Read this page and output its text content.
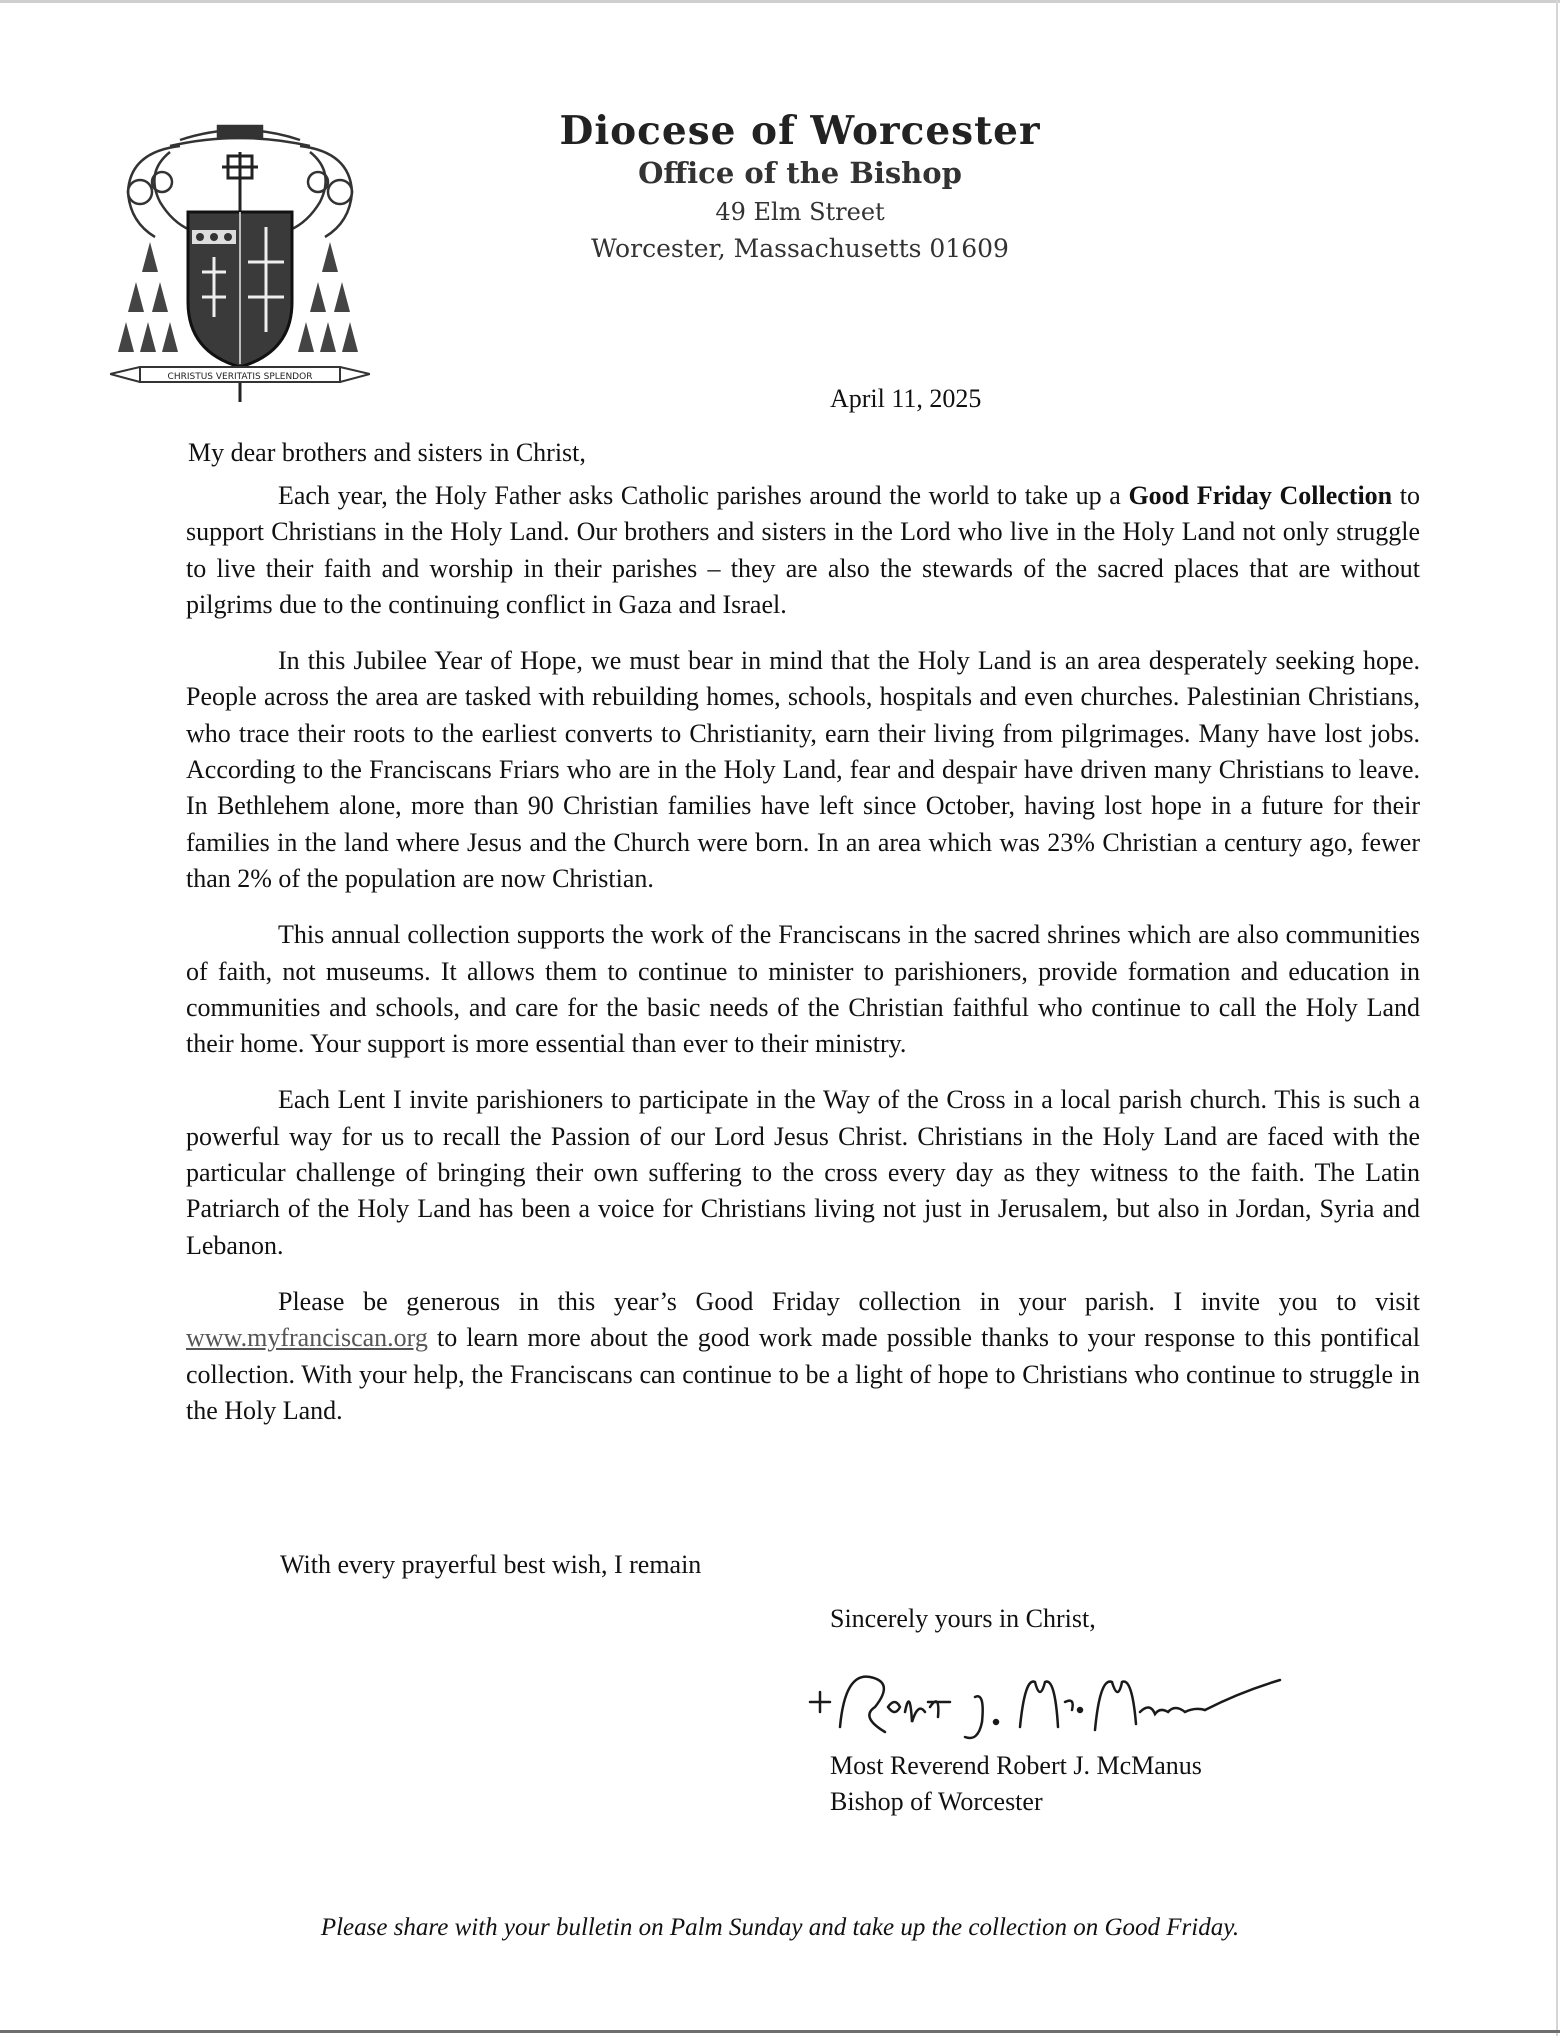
CHRISTUS VERITATIS SPLENDOR
Diocese of Worcester
Office of the Bishop
49 Elm Street
Worcester, Massachusetts 01609
April 11, 2025
My dear brothers and sisters in Christ,

Each year, the Holy Father asks Catholic parishes around the world to take up a Good Friday Collection to support Christians in the Holy Land. Our brothers and sisters in the Lord who live in the Holy Land not only struggle to live their faith and worship in their parishes – they are also the stewards of the sacred places that are without pilgrims due to the continuing conflict in Gaza and Israel.

In this Jubilee Year of Hope, we must bear in mind that the Holy Land is an area desperately seeking hope. People across the area are tasked with rebuilding homes, schools, hospitals and even churches. Palestinian Christians, who trace their roots to the earliest converts to Christianity, earn their living from pilgrimages. Many have lost jobs. According to the Franciscans Friars who are in the Holy Land, fear and despair have driven many Christians to leave. In Bethlehem alone, more than 90 Christian families have left since October, having lost hope in a future for their families in the land where Jesus and the Church were born. In an area which was 23% Christian a century ago, fewer than 2% of the population are now Christian.

This annual collection supports the work of the Franciscans in the sacred shrines which are also communities of faith, not museums. It allows them to continue to minister to parishioners, provide formation and education in communities and schools, and care for the basic needs of the Christian faithful who continue to call the Holy Land their home. Your support is more essential than ever to their ministry.

Each Lent I invite parishioners to participate in the Way of the Cross in a local parish church. This is such a powerful way for us to recall the Passion of our Lord Jesus Christ. Christians in the Holy Land are faced with the particular challenge of bringing their own suffering to the cross every day as they witness to the faith. The Latin Patriarch of the Holy Land has been a voice for Christians living not just in Jerusalem, but also in Jordan, Syria and Lebanon.

Please be generous in this year’s Good Friday collection in your parish. I invite you to visit www.myfranciscan.org to learn more about the good work made possible thanks to your response to this pontifical collection. With your help, the Franciscans can continue to be a light of hope to Christians who continue to struggle in the Holy Land.

With every prayerful best wish, I remain
Sincerely yours in Christ,
Most Reverend Robert J. McManus
Bishop of Worcester
Please share with your bulletin on Palm Sunday and take up the collection on Good Friday.
